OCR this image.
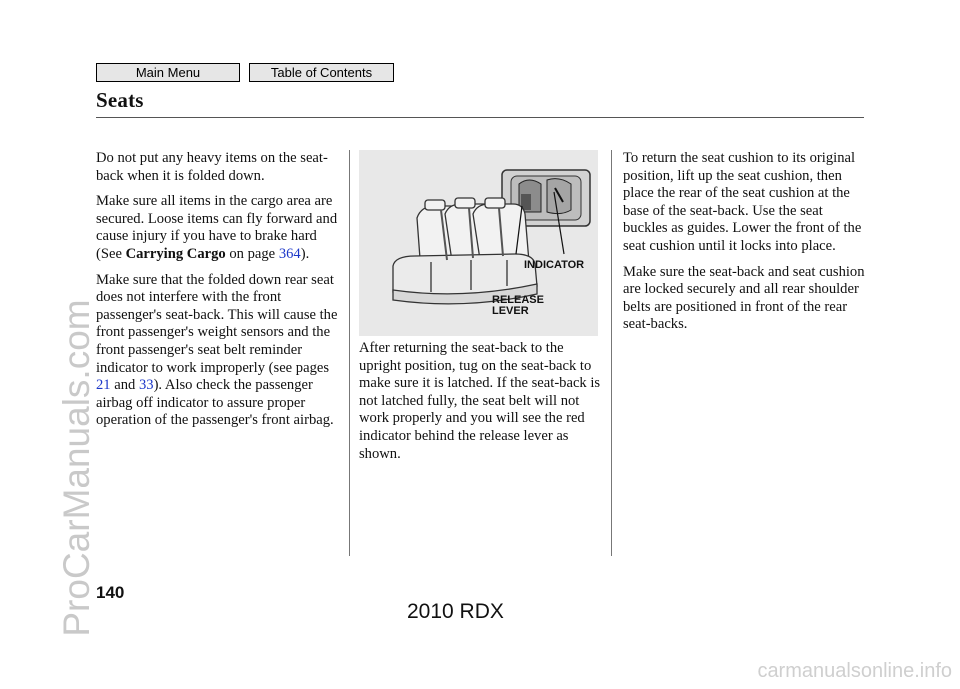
Main Menu	Table of Contents
Seats

Do not put any heavy items on the seat-back when it is folded down.

Make sure all items in the cargo area are secured. Loose items can fly forward and cause injury if you have to brake hard (See Carrying Cargo on page 364).

Make sure that the folded down rear seat does not interfere with the front passenger's seat-back. This will cause the front passenger's weight sensors and the front passenger's seat belt reminder indicator to work improperly (see pages 21 and 33). Also check the passenger airbag off indicator to assure proper operation of the passenger's front airbag.

INDICATOR
RELEASE
LEVER

After returning the seat-back to the upright position, tug on the seat-back to make sure it is latched. If the seat-back is not latched fully, the seat belt will not work properly and you will see the red indicator behind the release lever as shown.

To return the seat cushion to its original position, lift up the seat cushion, then place the rear of the seat cushion at the base of the seat-back. Use the seat buckles as guides. Lower the front of the seat cushion until it locks into place.

Make sure the seat-back and seat cushion are locked securely and all rear shoulder belts are positioned in front of the rear seat-backs.

140
2010 RDX
ProCarManuals.com
carmanualsonline.info
